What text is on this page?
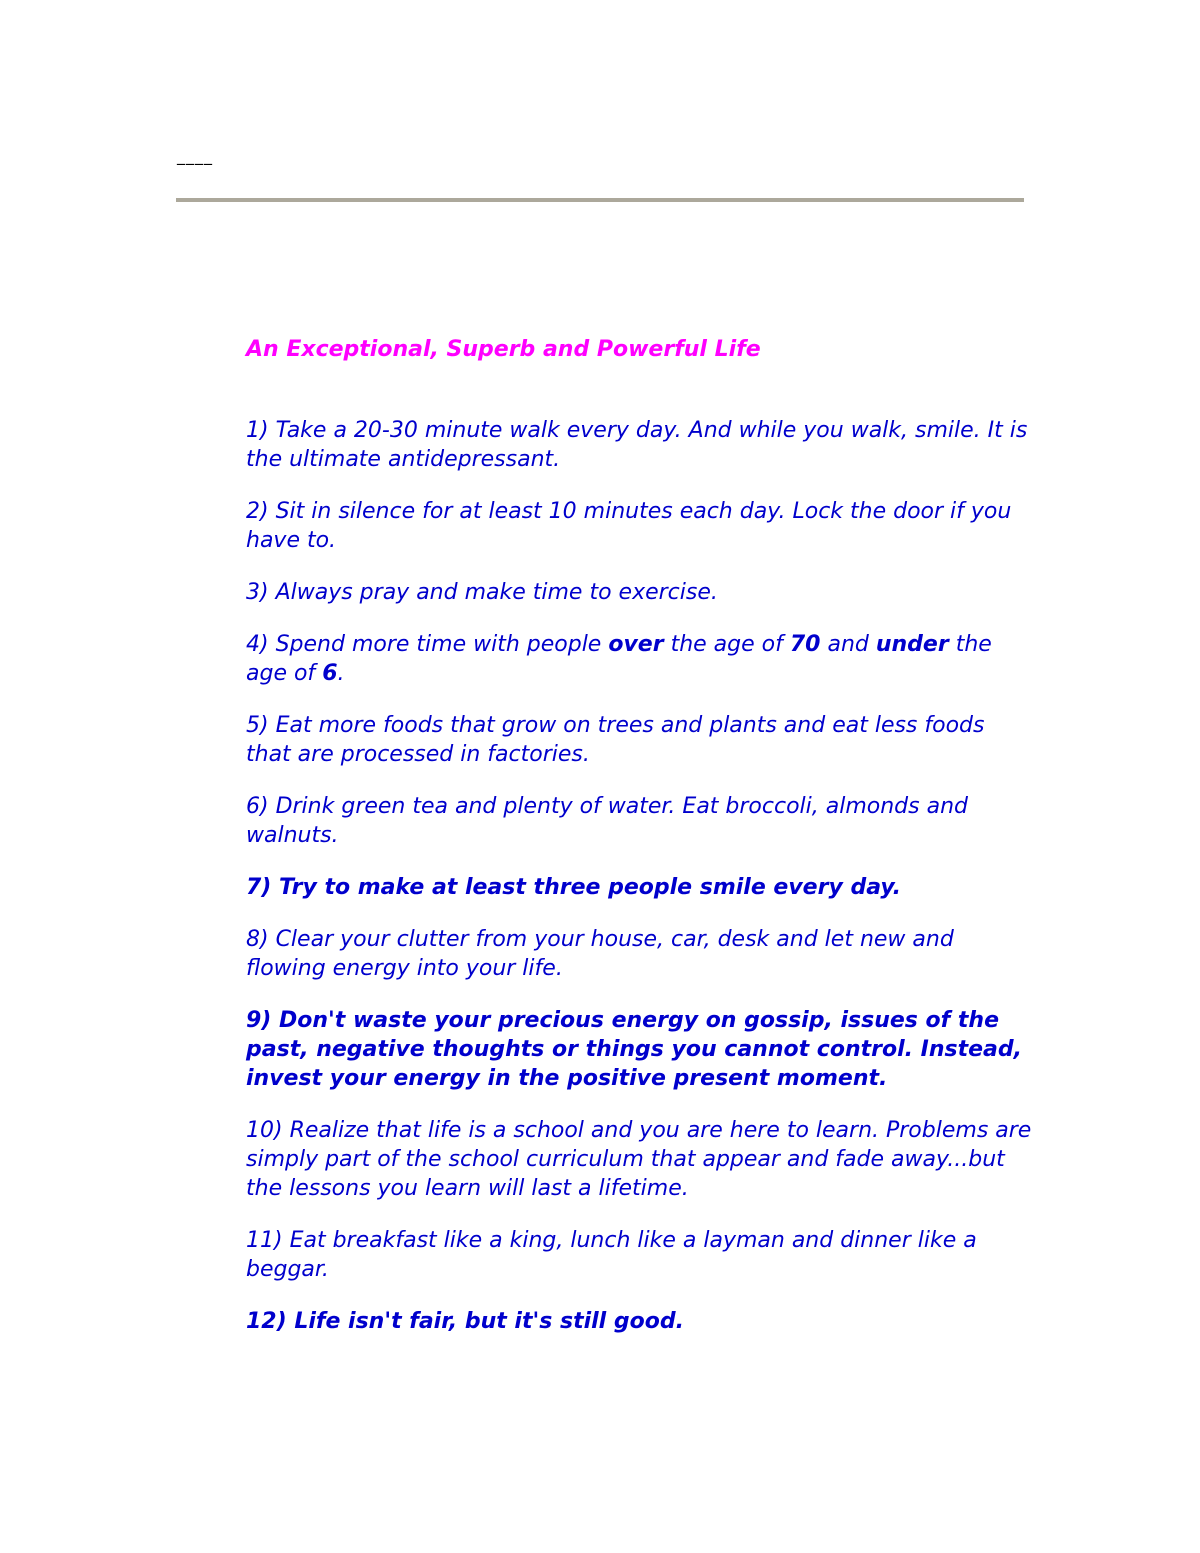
____
An Exceptional, Superb and Powerful Life
1) Take a 20-30 minute walk every day. And while you walk, smile. It is the ultimate antidepressant.
2) Sit in silence for at least 10 minutes each day. Lock the door if you have to.
3) Always pray and make time to exercise.
4) Spend more time with people over the age of 70 and under the age of 6.
5) Eat more foods that grow on trees and plants and eat less foods that are processed in factories.
6) Drink green tea and plenty of water. Eat broccoli, almonds and walnuts.
7) Try to make at least three people smile every day.
8) Clear your clutter from your house, car, desk and let new and flowing energy into your life.
9) Don't waste your precious energy on gossip, issues of the past, negative thoughts or things you cannot control. Instead, invest your energy in the positive present moment.
10) Realize that life is a school and you are here to learn. Problems are simply part of the school curriculum that appear and fade away...but the lessons you learn will last a lifetime.
11) Eat breakfast like a king, lunch like a layman and dinner like a beggar.
12) Life isn't fair, but it's still good.
